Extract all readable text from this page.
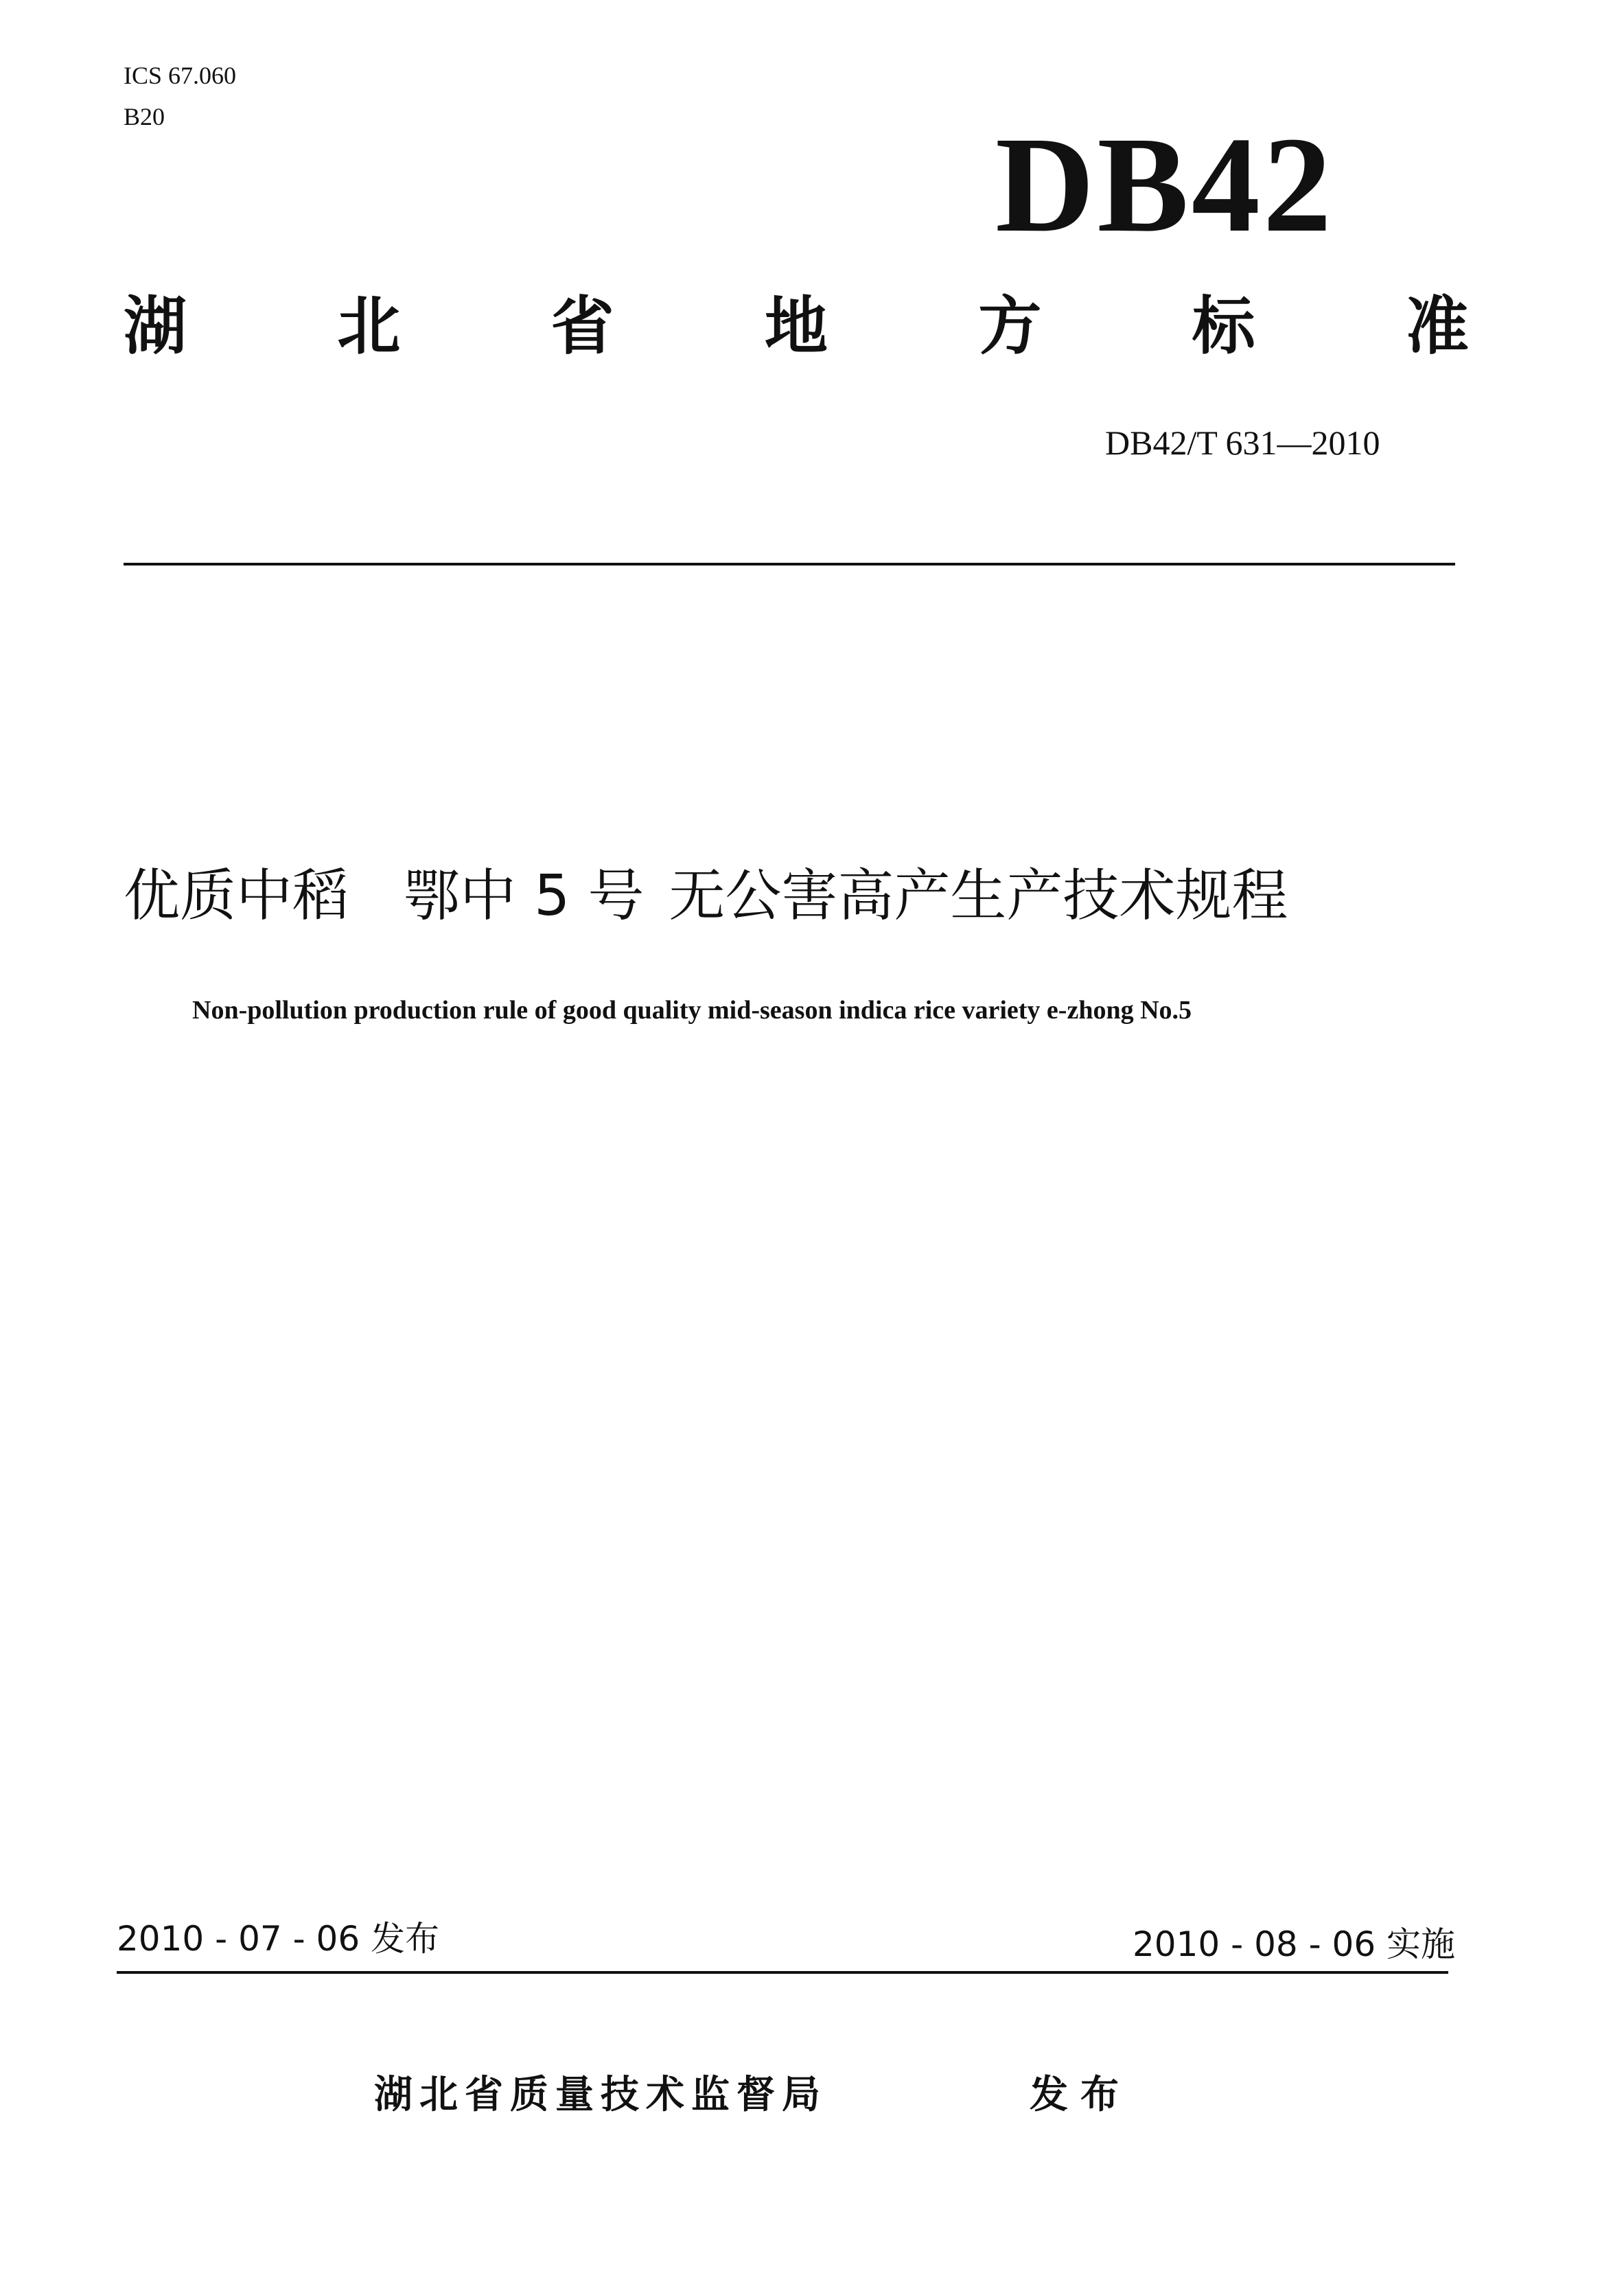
ICS 67.060
B20	DB42
湖 北 省 地 方 标 准
DB42/T 631—2010
优质中稻 鄂中 5 号 无公害高产生产技术规程
Non-pollution production rule of good quality mid-season indica rice variety e-zhong No.5
2010 - 07 - 06 发布	2010 - 08 - 06 实施
湖北省质量技术监督局	发布
